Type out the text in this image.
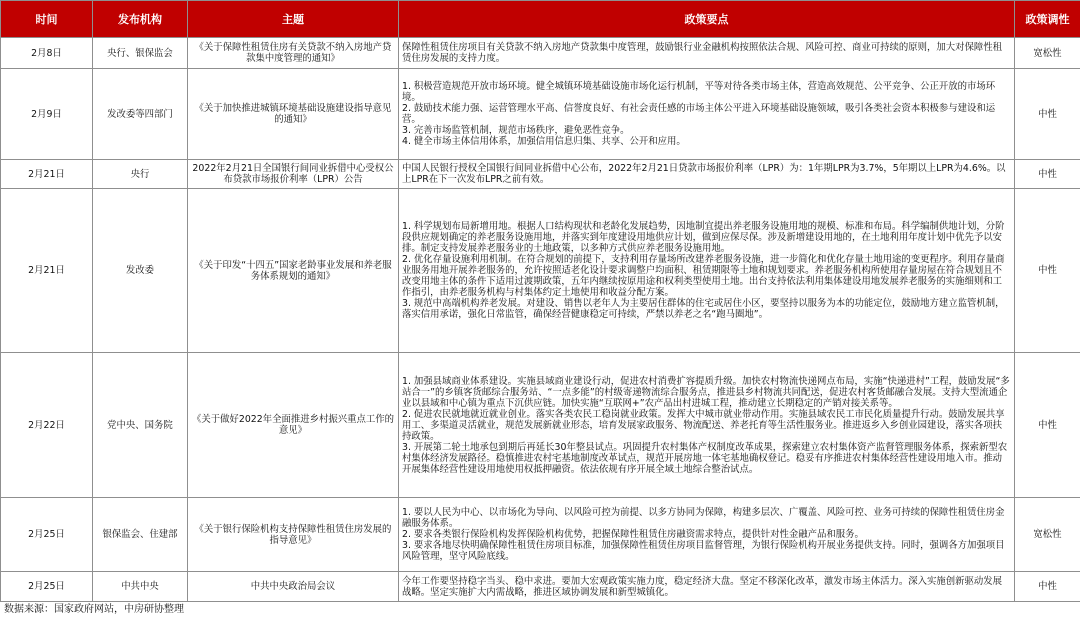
时间	发布机构	主题	政策要点	政策调性
2月8日	央行、银保监会	《关于保障性租赁住房有关贷款不纳入房地产贷款集中度管理的通知》	保障性租赁住房项目有关贷款不纳入房地产贷款集中度管理，鼓励银行业金融机构按照依法合规、风险可控、商业可持续的原则，加大对保障性租赁住房发展的支持力度。	宽松性
2月9日	发改委等四部门	《关于加快推进城镇环境基础设施建设指导意见的通知》	1. 积极营造规范开放市场环境。健全城镇环境基础设施市场化运行机制，平等对待各类市场主体，营造高效规范、公平竞争、公正开放的市场环境。
2. 鼓励技术能力强、运营管理水平高、信誉度良好、有社会责任感的市场主体公平进入环境基础设施领域，吸引各类社会资本积极参与建设和运营。
3. 完善市场监管机制，规范市场秩序，避免恶性竞争。
4. 健全市场主体信用体系，加强信用信息归集、共享、公开和应用。	中性
2月21日	央行	2022年2月21日全国银行间同业拆借中心受权公布贷款市场报价利率（LPR）公告	中国人民银行授权全国银行间同业拆借中心公布，2022年2月21日贷款市场报价利率（LPR）为：1年期LPR为3.7%，5年期以上LPR为4.6%。以上LPR在下一次发布LPR之前有效。	中性
2月21日	发改委	《关于印发“十四五”国家老龄事业发展和养老服务体系规划的通知》	1. 科学规划布局新增用地。根据人口结构现状和老龄化发展趋势，因地制宜提出养老服务设施用地的规模、标准和布局。科学编制供地计划，分阶段供应规划确定的养老服务设施用地，并落实到年度建设用地供应计划，做到应保尽保。涉及新增建设用地的，在土地利用年度计划中优先予以安排。制定支持发展养老服务业的土地政策，以多种方式供应养老服务设施用地。
2. 优化存量设施利用机制。在符合规划的前提下，支持利用存量场所改建养老服务设施，进一步简化和优化存量土地用途的变更程序。利用存量商业服务用地开展养老服务的，允许按照适老化设计要求调整户均面积、租赁期限等土地和规划要求。养老服务机构所使用存量房屋在符合规划且不改变用地主体的条件下适用过渡期政策，五年内继续按原用途和权利类型使用土地。出台支持依法利用集体建设用地发展养老服务的实施细则和工作指引，由养老服务机构与村集体约定土地使用和收益分配方案。
3. 规范中高端机构养老发展。对建设、销售以老年人为主要居住群体的住宅或居住小区，要坚持以服务为本的功能定位，鼓励地方建立监管机制，落实信用承诺，强化日常监管，确保经营健康稳定可持续，严禁以养老之名“跑马圈地”。	中性
2月22日	党中央、国务院	《关于做好2022年全面推进乡村振兴重点工作的意见》	1. 加强县域商业体系建设。实施县域商业建设行动，促进农村消费扩容提质升级。加快农村物流快递网点布局，实施“快递进村”工程，鼓励发展“多站合一”的乡镇客货邮综合服务站、“一点多能”的村级寄递物流综合服务点，推进县乡村物流共同配送，促进农村客货邮融合发展。支持大型流通企业以县域和中心镇为重点下沉供应链。加快实施“互联网+”农产品出村进城工程，推动建立长期稳定的产销对接关系等。
2. 促进农民就地就近就业创业。落实各类农民工稳岗就业政策。发挥大中城市就业带动作用。实施县域农民工市民化质量提升行动。鼓励发展共享用工、多渠道灵活就业，规范发展新就业形态，培育发展家政服务、物流配送、养老托育等生活性服务业。推进返乡入乡创业园建设，落实各项扶持政策。
3. 开展第二轮土地承包到期后再延长30年整县试点。巩固提升农村集体产权制度改革成果，探索建立农村集体资产监督管理服务体系，探索新型农村集体经济发展路径。稳慎推进农村宅基地制度改革试点，规范开展房地一体宅基地确权登记。稳妥有序推进农村集体经营性建设用地入市。推动开展集体经营性建设用地使用权抵押融资。依法依规有序开展全域土地综合整治试点。	中性
2月25日	银保监会、住建部	《关于银行保险机构支持保障性租赁住房发展的指导意见》	1. 要以人民为中心、以市场化为导向、以风险可控为前提、以多方协同为保障，构建多层次、广覆盖、风险可控、业务可持续的保障性租赁住房金融服务体系。
2. 要求各类银行保险机构发挥保险机构优势，把握保障性租赁住房融资需求特点，提供针对性金融产品和服务。
3. 要求各地尽快明确保障性租赁住房项目标准，加强保障性租赁住房项目监督管理，为银行保险机构开展业务提供支持。同时，强调各方加强项目风险管理，坚守风险底线。	宽松性
2月25日	中共中央	中共中央政治局会议	今年工作要坚持稳字当头、稳中求进。要加大宏观政策实施力度，稳定经济大盘。坚定不移深化改革，激发市场主体活力。深入实施创新驱动发展战略。坚定实施扩大内需战略，推进区域协调发展和新型城镇化。	中性
数据来源：国家政府网站，中房研协整理
